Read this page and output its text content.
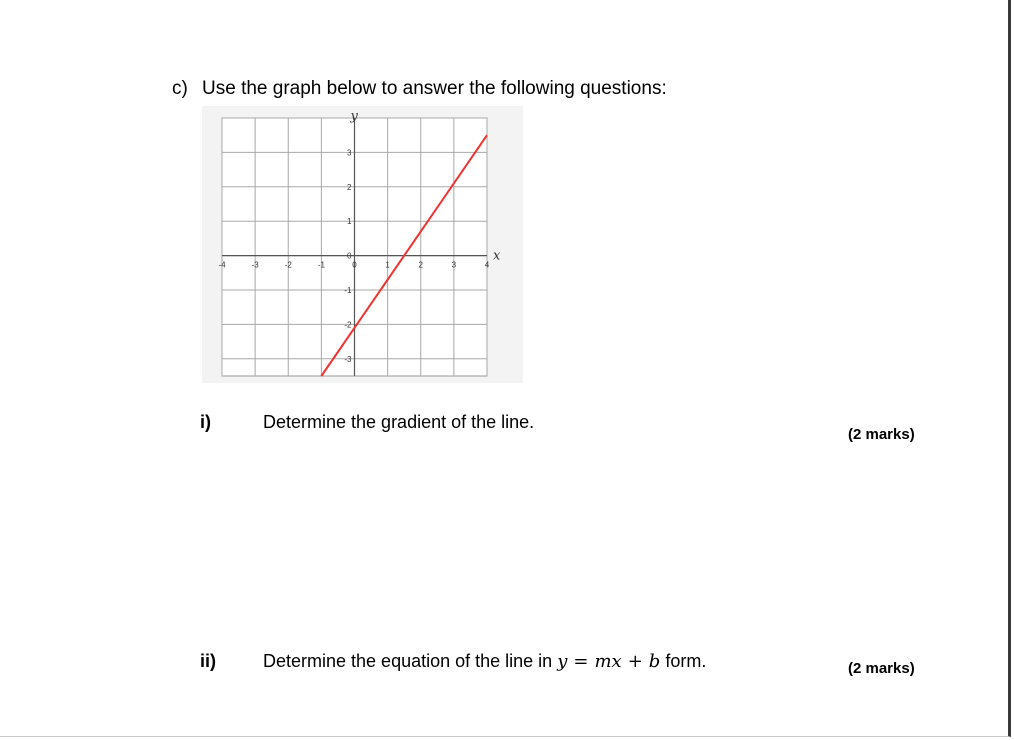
c) Use the graph below to answer the following questions:
-4	-3	-2	-1	0	1	2	3	4
3
2
1
0
-1
-2
-3
x
y
i)	Determine the gradient of the line.
(2 marks)
ii)	Determine the equation of the line in y = mx + b form.	(2 marks)
